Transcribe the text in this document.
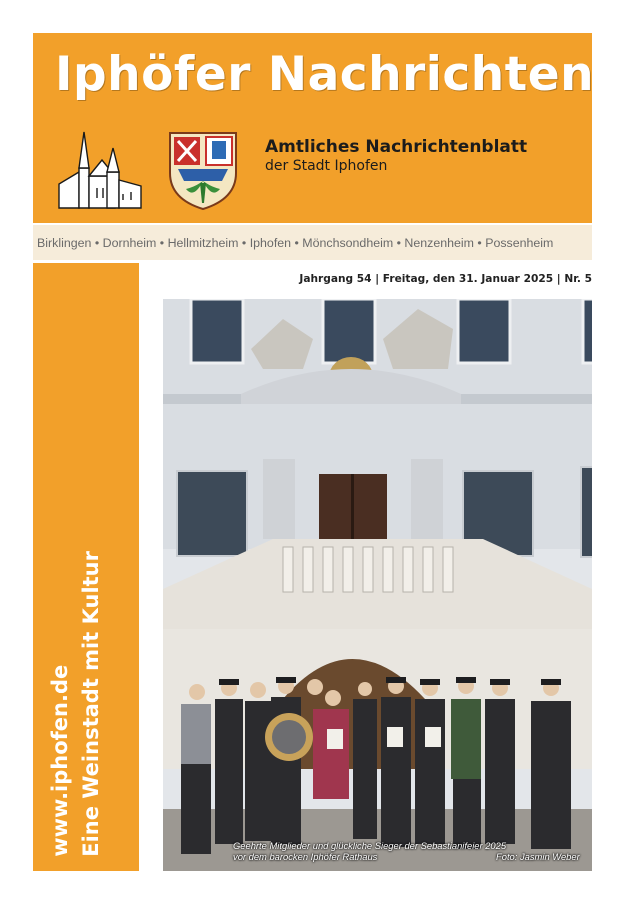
Iphöfer Nachrichten
Amtliches Nachrichtenblatt
der Stadt Iphofen
Birklingen • Dornheim • Hellmitzheim • Iphofen • Mönchsondheim • Nenzenheim • Possenheim
www.iphofen.de Eine Weinstadt mit Kultur
Jahrgang 54 | Freitag, den 31. Januar 2025 | Nr. 5
Geehrte Mitglieder und glückliche Sieger der Sebastianifeier 2025
vor dem barocken Iphöfer Rathaus	Foto: Jasmin Weber
